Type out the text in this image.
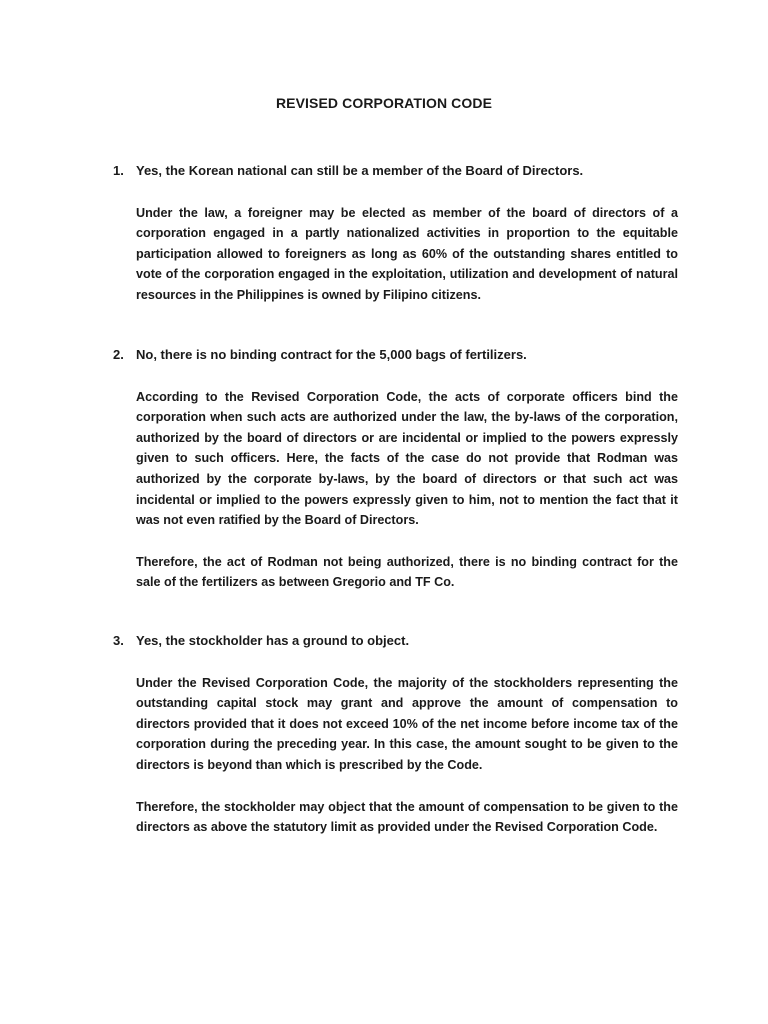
REVISED CORPORATION CODE
1. Yes, the Korean national can still be a member of the Board of Directors.

Under the law, a foreigner may be elected as member of the board of directors of a corporation engaged in a partly nationalized activities in proportion to the equitable participation allowed to foreigners as long as 60% of the outstanding shares entitled to vote of the corporation engaged in the exploitation, utilization and development of natural resources in the Philippines is owned by Filipino citizens.

2. No, there is no binding contract for the 5,000 bags of fertilizers.

According to the Revised Corporation Code, the acts of corporate officers bind the corporation when such acts are authorized under the law, the by-laws of the corporation, authorized by the board of directors or are incidental or implied to the powers expressly given to such officers. Here, the facts of the case do not provide that Rodman was authorized by the corporate by-laws, by the board of directors or that such act was incidental or implied to the powers expressly given to him, not to mention the fact that it was not even ratified by the Board of Directors.

Therefore, the act of Rodman not being authorized, there is no binding contract for the sale of the fertilizers as between Gregorio and TF Co.

3. Yes, the stockholder has a ground to object.

Under the Revised Corporation Code, the majority of the stockholders representing the outstanding capital stock may grant and approve the amount of compensation to directors provided that it does not exceed 10% of the net income before income tax of the corporation during the preceding year. In this case, the amount sought to be given to the directors is beyond than which is prescribed by the Code.

Therefore, the stockholder may object that the amount of compensation to be given to the directors as above the statutory limit as provided under the Revised Corporation Code.
